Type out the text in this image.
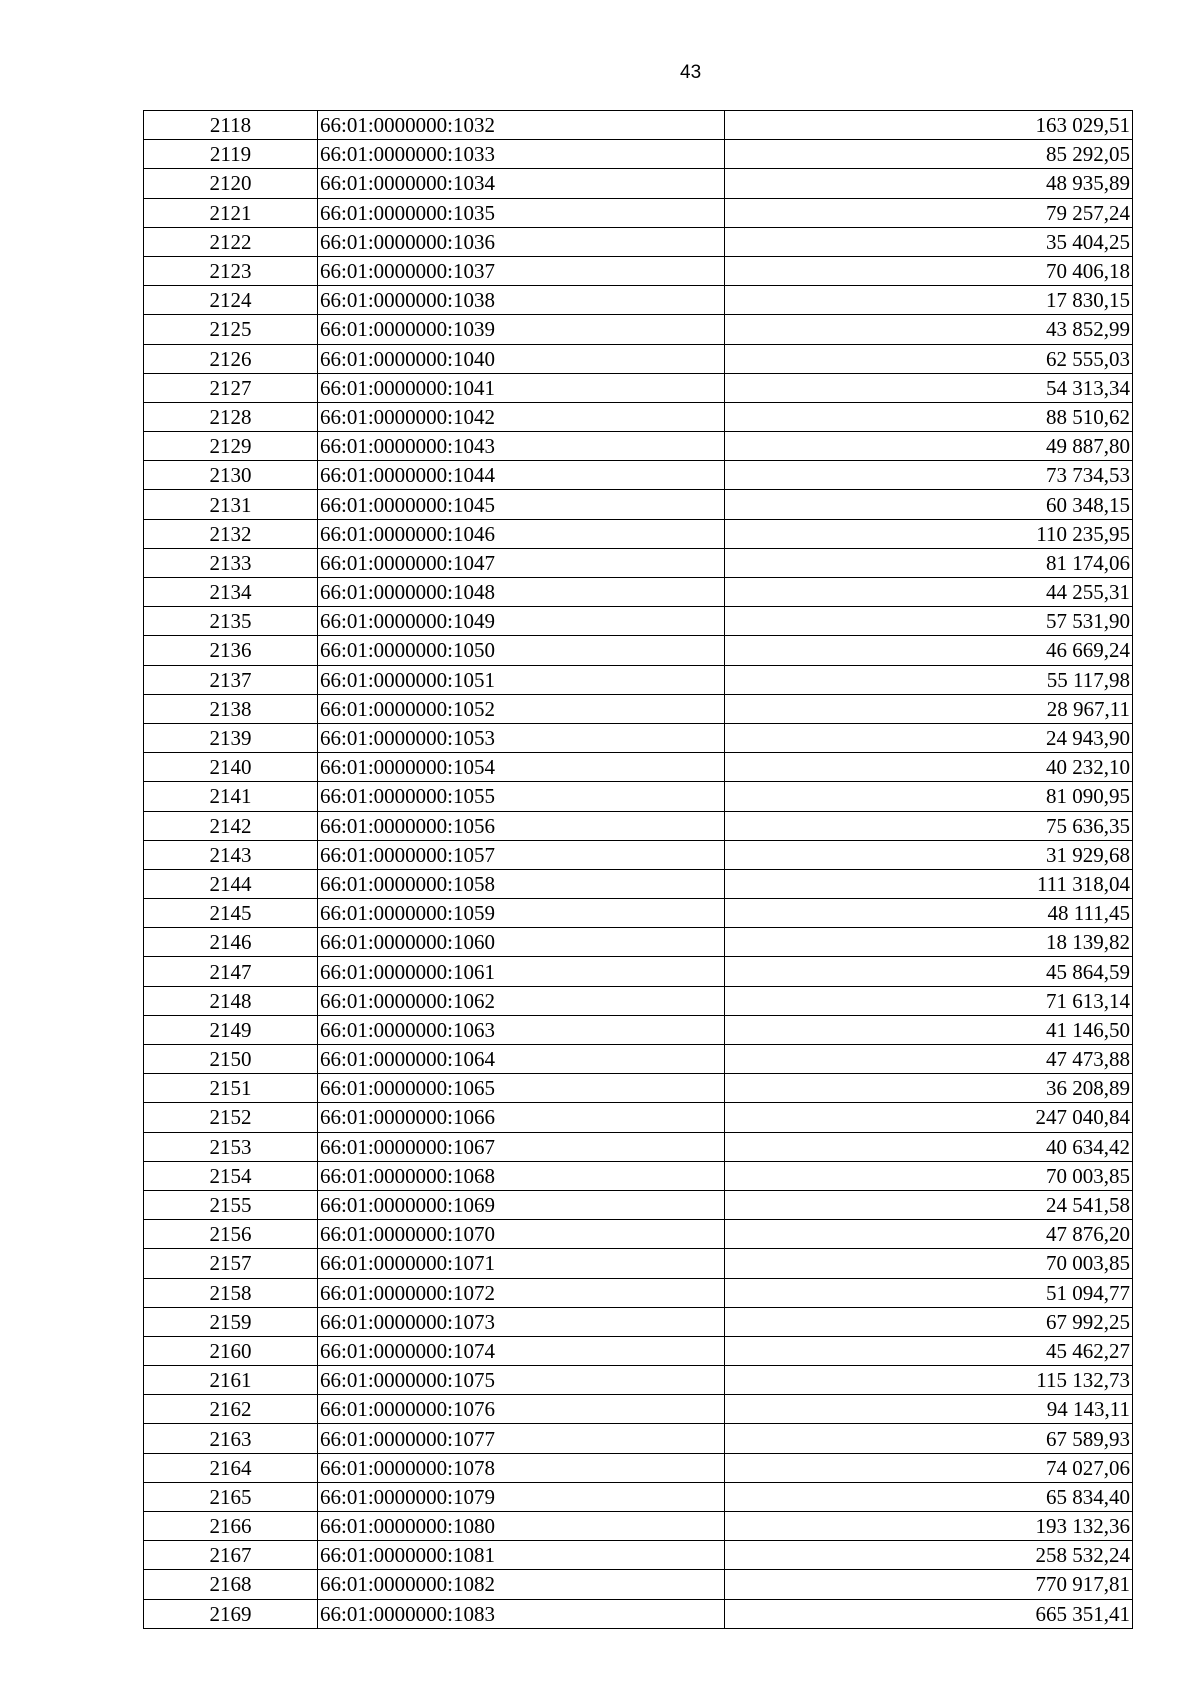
43
2118	66:01:0000000:1032	163 029,51
2119	66:01:0000000:1033	85 292,05
2120	66:01:0000000:1034	48 935,89
2121	66:01:0000000:1035	79 257,24
2122	66:01:0000000:1036	35 404,25
2123	66:01:0000000:1037	70 406,18
2124	66:01:0000000:1038	17 830,15
2125	66:01:0000000:1039	43 852,99
2126	66:01:0000000:1040	62 555,03
2127	66:01:0000000:1041	54 313,34
2128	66:01:0000000:1042	88 510,62
2129	66:01:0000000:1043	49 887,80
2130	66:01:0000000:1044	73 734,53
2131	66:01:0000000:1045	60 348,15
2132	66:01:0000000:1046	110 235,95
2133	66:01:0000000:1047	81 174,06
2134	66:01:0000000:1048	44 255,31
2135	66:01:0000000:1049	57 531,90
2136	66:01:0000000:1050	46 669,24
2137	66:01:0000000:1051	55 117,98
2138	66:01:0000000:1052	28 967,11
2139	66:01:0000000:1053	24 943,90
2140	66:01:0000000:1054	40 232,10
2141	66:01:0000000:1055	81 090,95
2142	66:01:0000000:1056	75 636,35
2143	66:01:0000000:1057	31 929,68
2144	66:01:0000000:1058	111 318,04
2145	66:01:0000000:1059	48 111,45
2146	66:01:0000000:1060	18 139,82
2147	66:01:0000000:1061	45 864,59
2148	66:01:0000000:1062	71 613,14
2149	66:01:0000000:1063	41 146,50
2150	66:01:0000000:1064	47 473,88
2151	66:01:0000000:1065	36 208,89
2152	66:01:0000000:1066	247 040,84
2153	66:01:0000000:1067	40 634,42
2154	66:01:0000000:1068	70 003,85
2155	66:01:0000000:1069	24 541,58
2156	66:01:0000000:1070	47 876,20
2157	66:01:0000000:1071	70 003,85
2158	66:01:0000000:1072	51 094,77
2159	66:01:0000000:1073	67 992,25
2160	66:01:0000000:1074	45 462,27
2161	66:01:0000000:1075	115 132,73
2162	66:01:0000000:1076	94 143,11
2163	66:01:0000000:1077	67 589,93
2164	66:01:0000000:1078	74 027,06
2165	66:01:0000000:1079	65 834,40
2166	66:01:0000000:1080	193 132,36
2167	66:01:0000000:1081	258 532,24
2168	66:01:0000000:1082	770 917,81
2169	66:01:0000000:1083	665 351,41
